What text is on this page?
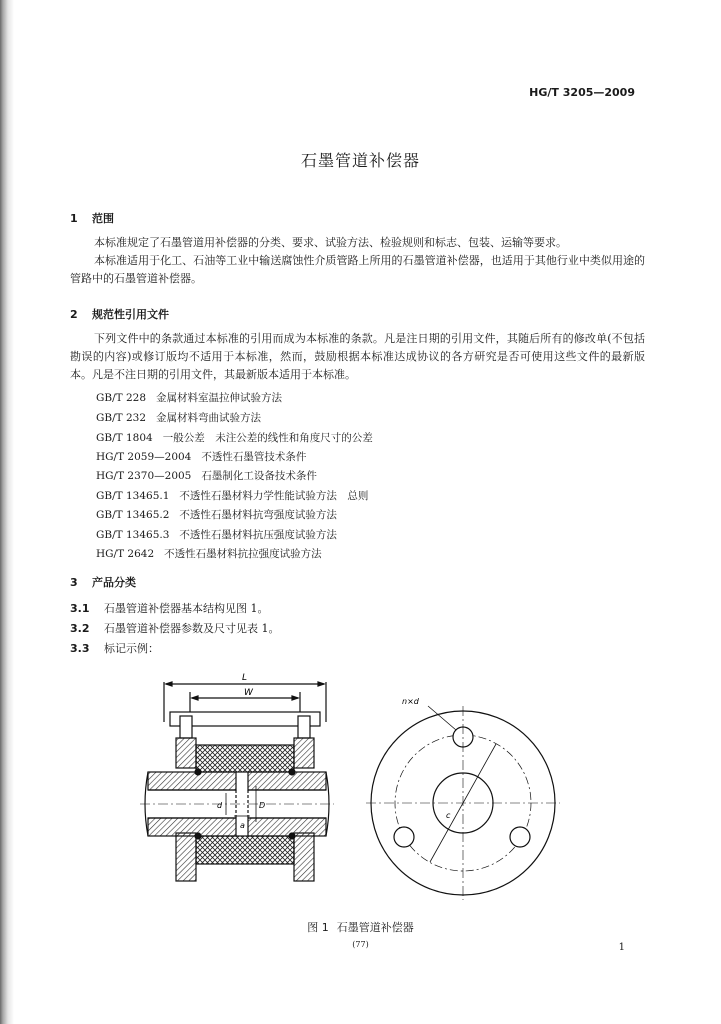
HG/T 3205—2009
石墨管道补偿器
1 范围
本标准规定了石墨管道用补偿器的分类、要求、试验方法、检验规则和标志、包装、运输等要求。
本标准适用于化工、石油等工业中输送腐蚀性介质管路上所用的石墨管道补偿器，也适用于其他行业中类似用途的管路中的石墨管道补偿器。
2 规范性引用文件
下列文件中的条款通过本标准的引用而成为本标准的条款。凡是注日期的引用文件，其随后所有的修改单(不包括勘误的内容)或修订版均不适用于本标准，然而，鼓励根据本标准达成协议的各方研究是否可使用这些文件的最新版本。凡是不注日期的引用文件，其最新版本适用于本标准。
GB/T 228 金属材料室温拉伸试验方法
GB/T 232 金属材料弯曲试验方法
GB/T 1804 一般公差　未注公差的线性和角度尺寸的公差
HG/T 2059—2004 不透性石墨管技术条件
HG/T 2370—2005 石墨制化工设备技术条件
GB/T 13465.1 不透性石墨材料力学性能试验方法　总则
GB/T 13465.2 不透性石墨材料抗弯强度试验方法
GB/T 13465.3 不透性石墨材料抗压强度试验方法
HG/T 2642 不透性石墨材料抗拉强度试验方法
3 产品分类
3.1 石墨管道补偿器基本结构见图 1。
3.2 石墨管道补偿器参数及尺寸见表 1。
3.3 标记示例：
L
W
d	D
a
c
n×d
图 1 石墨管道补偿器
(77)	1
